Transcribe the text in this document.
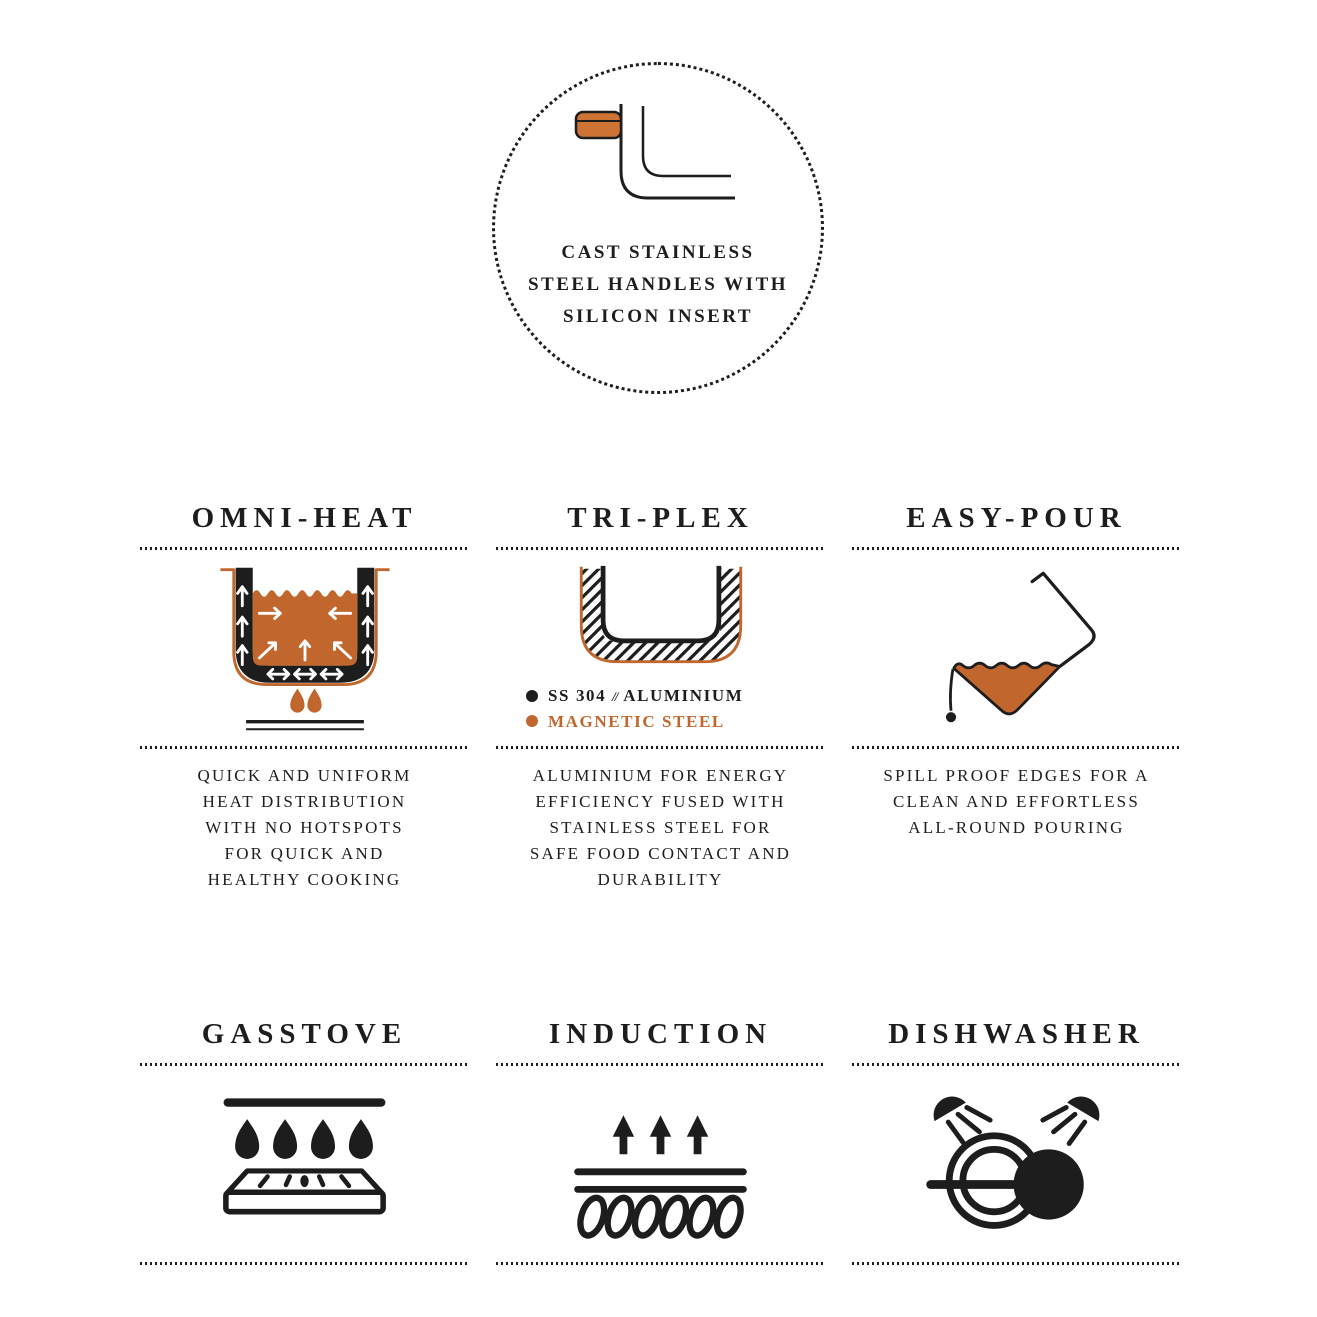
CAST STAINLESS
STEEL HANDLES WITH
SILICON INSERT
OMNI-HEAT
QUICK AND UNIFORM
HEAT DISTRIBUTION
WITH NO HOTSPOTS
FOR QUICK AND
HEALTHY COOKING
TRI-PLEX
SS 304 // ALUMINIUM
MAGNETIC STEEL
ALUMINIUM FOR ENERGY
EFFICIENCY FUSED WITH
STAINLESS STEEL FOR
SAFE FOOD CONTACT AND
DURABILITY
EASY-POUR
SPILL PROOF EDGES FOR A
CLEAN AND EFFORTLESS
ALL-ROUND POURING
GASSTOVE	INDUCTION	DISHWASHER
